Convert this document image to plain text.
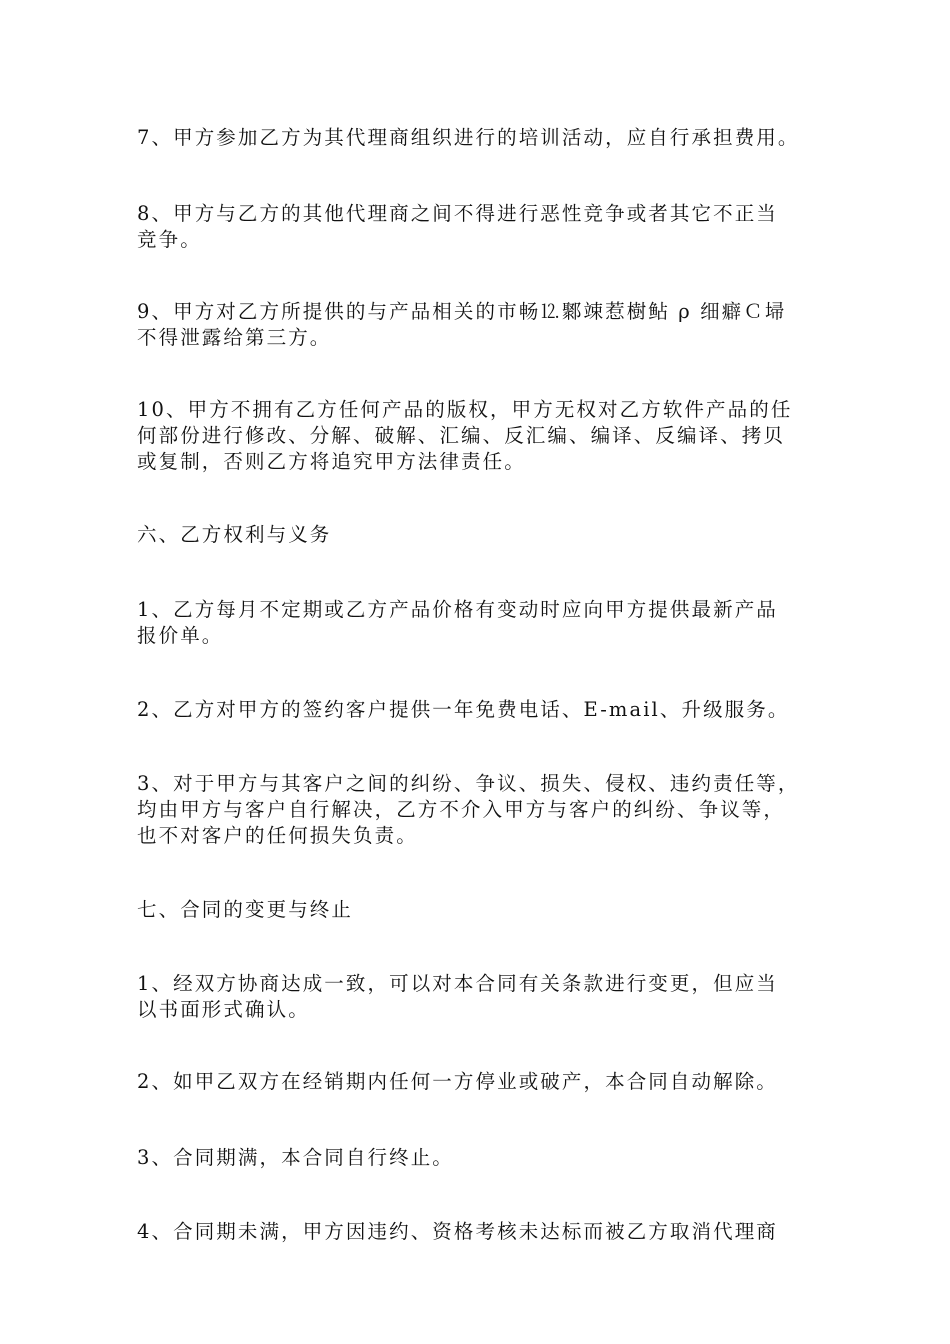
7、甲方参加乙方为其代理商组织进行的培训活动，应自行承担费用。

8、甲方与乙方的其他代理商之间不得进行恶性竞争或者其它不正当
竞争。

9、甲方对乙方所提供的与产品相关的市畅⒓鄹竦惹樹鲇 ρ 细癖Ｃ埽
不得泄露给第三方。

10、甲方不拥有乙方任何产品的版权，甲方无权对乙方软件产品的任
何部份进行修改、分解、破解、汇编、反汇编、编译、反编译、拷贝
或复制，否则乙方将追究甲方法律责任。

六、乙方权利与义务

1、乙方每月不定期或乙方产品价格有变动时应向甲方提供最新产品
报价单。

2、乙方对甲方的签约客户提供一年免费电话、E-mail、升级服务。

3、对于甲方与其客户之间的纠纷、争议、损失、侵权、违约责任等，
均由甲方与客户自行解决，乙方不介入甲方与客户的纠纷、争议等，
也不对客户的任何损失负责。

七、合同的变更与终止

1、经双方协商达成一致，可以对本合同有关条款进行变更，但应当
以书面形式确认。

2、如甲乙双方在经销期内任何一方停业或破产，本合同自动解除。

3、合同期满，本合同自行终止。

4、合同期未满，甲方因违约、资格考核未达标而被乙方取消代理商
